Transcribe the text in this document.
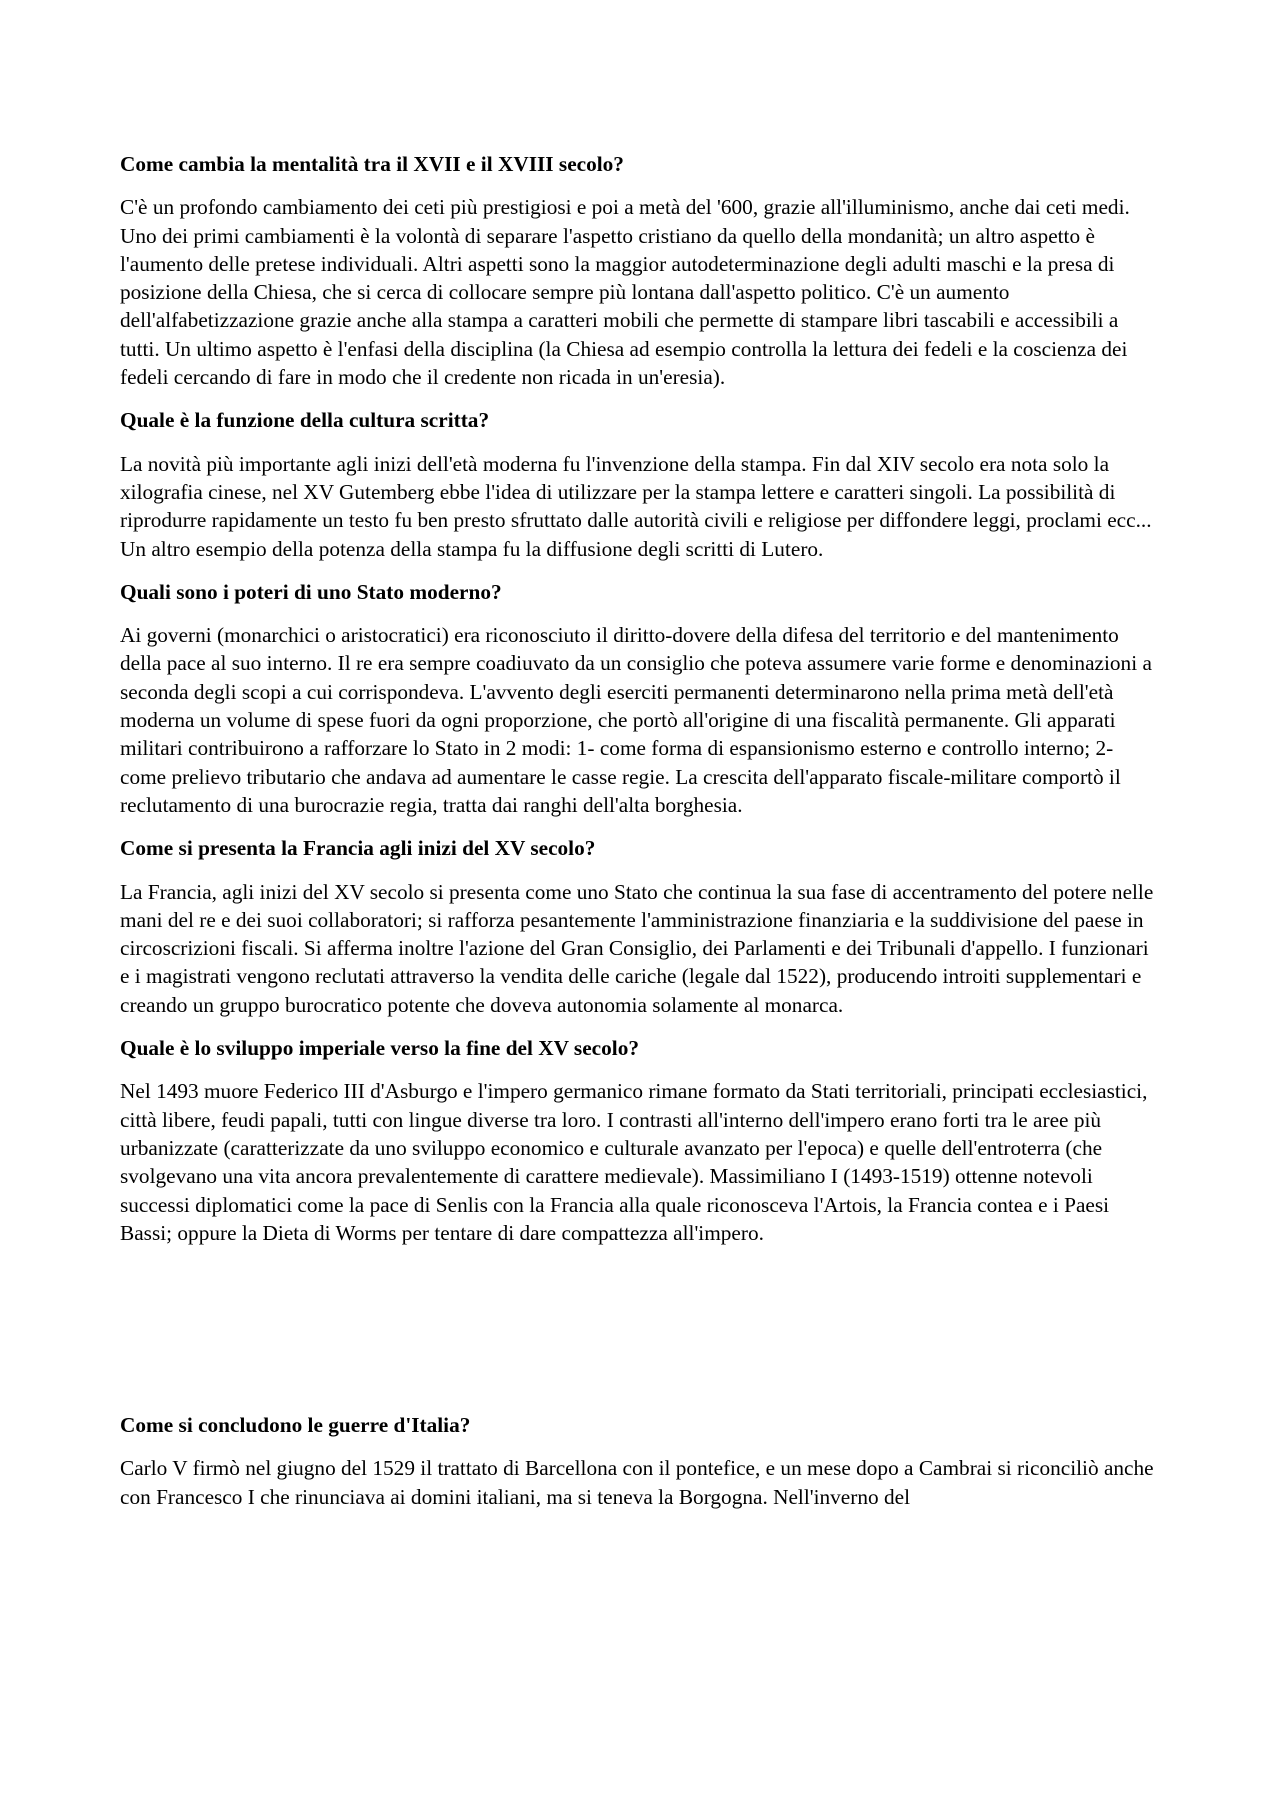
Come cambia la mentalità tra il XVII e il XVIII secolo?

C'è un profondo cambiamento dei ceti più prestigiosi e poi a metà del '600, grazie all'illuminismo, anche dai ceti medi. Uno dei primi cambiamenti è la volontà di separare l'aspetto cristiano da quello della mondanità; un altro aspetto è l'aumento delle pretese individuali. Altri aspetti sono la maggior autodeterminazione degli adulti maschi e la presa di posizione della Chiesa, che si cerca di collocare sempre più lontana dall'aspetto politico. C'è un aumento dell'alfabetizzazione grazie anche alla stampa a caratteri mobili che permette di stampare libri tascabili e accessibili a tutti. Un ultimo aspetto è l'enfasi della disciplina (la Chiesa ad esempio controlla la lettura dei fedeli e la coscienza dei fedeli cercando di fare in modo che il credente non ricada in un'eresia).

Quale è la funzione della cultura scritta?

La novità più importante agli inizi dell'età moderna fu l'invenzione della stampa. Fin dal XIV secolo era nota solo la xilografia cinese, nel XV Gutemberg ebbe l'idea di utilizzare per la stampa lettere e caratteri singoli. La possibilità di riprodurre rapidamente un testo fu ben presto sfruttato dalle autorità civili e religiose per diffondere leggi, proclami ecc... Un altro esempio della potenza della stampa fu la diffusione degli scritti di Lutero.

Quali sono i poteri di uno Stato moderno?

Ai governi (monarchici o aristocratici) era riconosciuto il diritto-dovere della difesa del territorio e del mantenimento della pace al suo interno. Il re era sempre coadiuvato da un consiglio che poteva assumere varie forme e denominazioni a seconda degli scopi a cui corrispondeva. L'avvento degli eserciti permanenti determinarono nella prima metà dell'età moderna un volume di spese fuori da ogni proporzione, che portò all'origine di una fiscalità permanente. Gli apparati militari contribuirono a rafforzare lo Stato in 2 modi: 1- come forma di espansionismo esterno e controllo interno; 2- come prelievo tributario che andava ad aumentare le casse regie. La crescita dell'apparato fiscale-militare comportò il reclutamento di una burocrazie regia, tratta dai ranghi dell'alta borghesia.

Come si presenta la Francia agli inizi del XV secolo?

La Francia, agli inizi del XV secolo si presenta come uno Stato che continua la sua fase di accentramento del potere nelle mani del re e dei suoi collaboratori; si rafforza pesantemente l'amministrazione finanziaria e la suddivisione del paese in circoscrizioni fiscali. Si afferma inoltre l'azione del Gran Consiglio, dei Parlamenti e dei Tribunali d'appello. I funzionari e i magistrati vengono reclutati attraverso la vendita delle cariche (legale dal 1522), producendo introiti supplementari e creando un gruppo burocratico potente che doveva autonomia solamente al monarca.

Quale è lo sviluppo imperiale verso la fine del XV secolo?

Nel 1493 muore Federico III d'Asburgo e l'impero germanico rimane formato da Stati territoriali, principati ecclesiastici, città libere, feudi papali, tutti con lingue diverse tra loro. I contrasti all'interno dell'impero erano forti tra le aree più urbanizzate (caratterizzate da uno sviluppo economico e culturale avanzato per l'epoca) e quelle dell'entroterra (che svolgevano una vita ancora prevalentemente di carattere medievale). Massimiliano I (1493-1519) ottenne notevoli successi diplomatici come la pace di Senlis con la Francia alla quale riconosceva l'Artois, la Francia contea e i Paesi Bassi; oppure la Dieta di Worms per tentare di dare compattezza all'impero.

Come si concludono le guerre d'Italia?

Carlo V firmò nel giugno del 1529 il trattato di Barcellona con il pontefice, e un mese dopo a Cambrai si riconciliò anche con Francesco I che rinunciava ai domini italiani, ma si teneva la Borgogna. Nell'inverno del
